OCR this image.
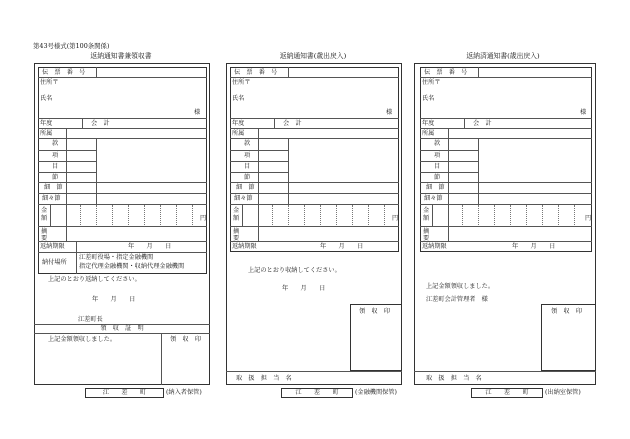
第43号様式(第100条関係)
返納通知書兼領収書
伝　票　番　号
住所〒
氏名
様
年度	会　計
所属
款
項
目
節
細　節
細々節
金
額	円
摘
要
返納期限	年　　月　　日
納付場所
江差町役場・指定金融機関
指定代理金融機関・収納代理金融機関
上記のとおり返納してください。
年　　月　　日
江差町長
領　収　証　明
上記金額領収しました。	領　収　印
江　　差　　町	(納入者保管)
返納通知書(歳出戻入)
伝　票　番　号
住所〒
氏名
様
年度	会　計
所属
款
項
目
節
細　節
細々節
金
額	円
摘
要
返納期限	年　　月　　日
上記のとおり収納してください。
年　　月　　日
領　収　印
取　扱　担　当　名
江　　差　　町	(金融機関保管)
返納済通知書(歳出戻入)
伝　票　番　号
住所〒
氏名
様
年度	会　計
所属
款
項
目
節
細　節
細々節
金
額	円
摘
要
返納期限	年　　月　　日
上記金額領収しました。
江差町会計管理者　様
領　収　印
取　扱　担　当　名
江　　差　　町	(出納室保管)
